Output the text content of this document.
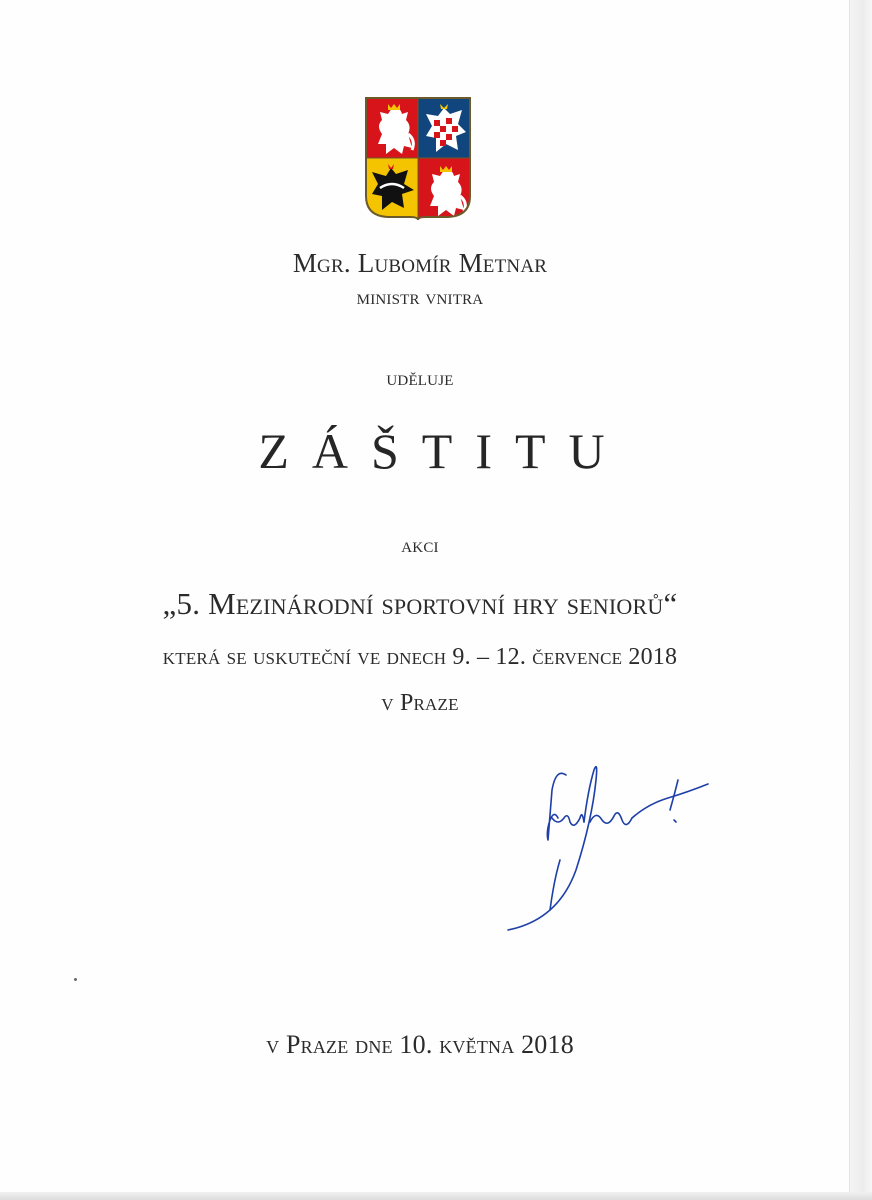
Mgr. Lubomír Metnar
ministr vnitra
uděluje
ZÁŠTITU
akci
„5. Mezinárodní sportovní hry seniorů“
která se uskuteční ve dnech 9. – 12. července 2018
v Praze
v Praze dne 10. května 2018
